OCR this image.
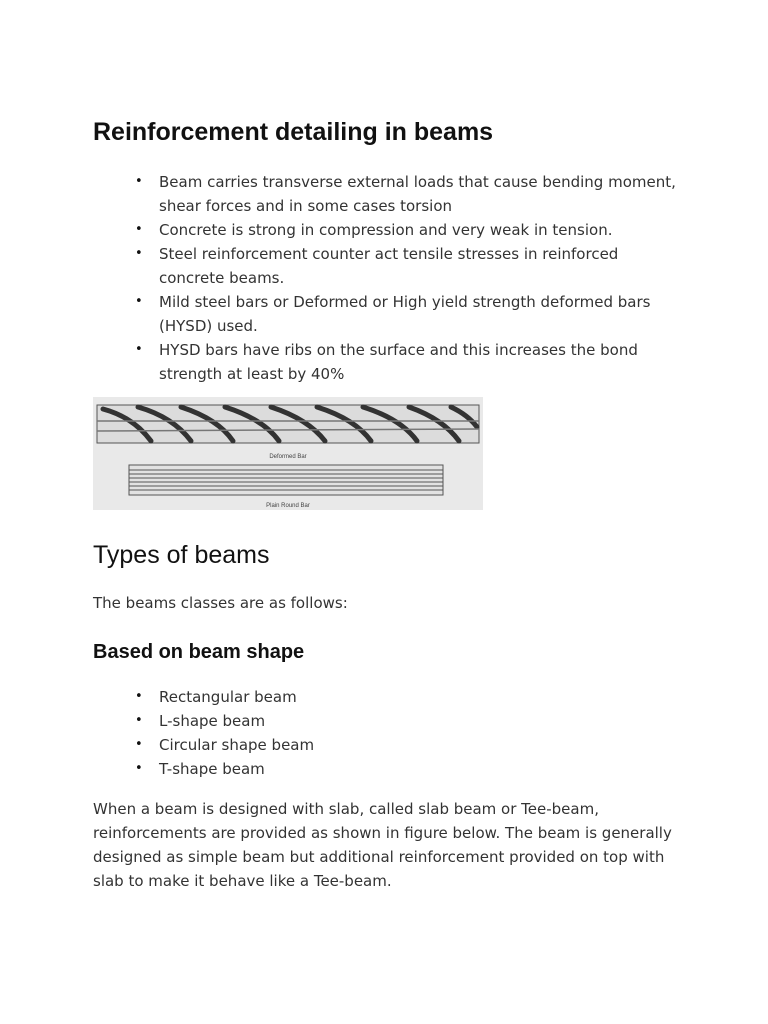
Reinforcement detailing in beams
• Beam carries transverse external loads that cause bending moment, shear forces and in some cases torsion
• Concrete is strong in compression and very weak in tension.
• Steel reinforcement counter act tensile stresses in reinforced concrete beams.
• Mild steel bars or Deformed or High yield strength deformed bars (HYSD) used.
• HYSD bars have ribs on the surface and this increases the bond strength at least by 40%
Deformed Bar
Plain Round Bar
Types of beams

The beams classes are as follows:

Based on beam shape
• Rectangular beam
• L-shape beam
• Circular shape beam
• T-shape beam

When a beam is designed with slab, called slab beam or Tee-beam, reinforcements are provided as shown in figure below. The beam is generally designed as simple beam but additional reinforcement provided on top with slab to make it behave like a Tee-beam.
